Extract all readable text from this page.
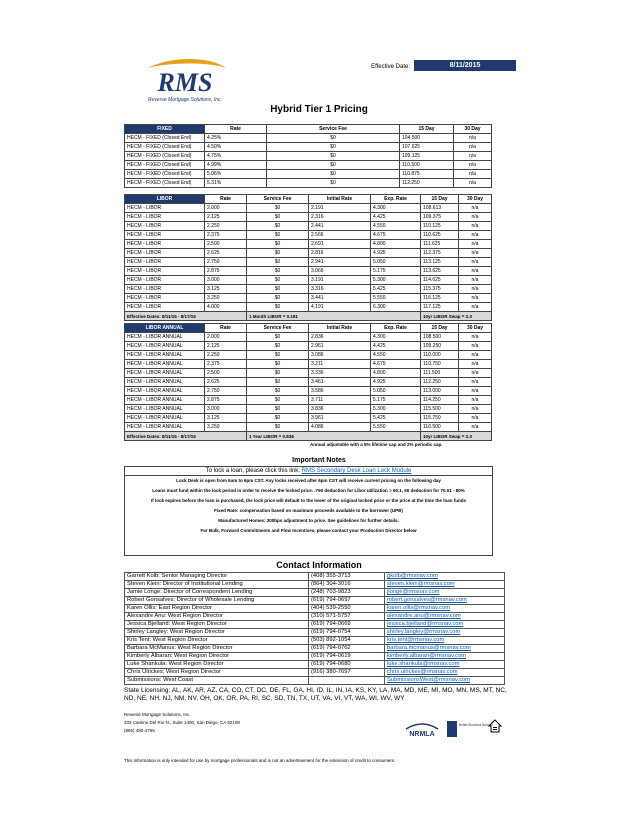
Effective Date:	8/11/2015
RMS
Reverse Mortgage Solutions, Inc.
Hybrid Tier 1 Pricing
FIXED	Rate	Service Fee	15 Day	30 Day
HECM - FIXED (Closed End)	4.25%	$0	104.500	n/a
HECM - FIXED (Closed End)	4.50%	$0	107.625	n/a
HECM - FIXED (Closed End)	4.75%	$0	109.125	n/a
HECM - FIXED (Closed End)	4.99%	$0	110.500	n/a
HECM - FIXED (Closed End)	5.06%	$0	110.875	n/a
HECM - FIXED (Closed End)	5.31%	$0	112.250	n/a
LIBOR	Rate	Service Fee	Initial Rate	Exp. Rate	15 Day	30 Day
HECM - LIBOR	2.000	$0	2.191	4.300	108.613	n/a
HECM - LIBOR	2.125	$0	2.316	4.425	109.375	n/a
HECM - LIBOR	2.250	$0	2.441	4.550	110.125	n/a
HECM - LIBOR	2.375	$0	2.566	4.675	110.625	n/a
HECM - LIBOR	2.500	$0	2.691	4.800	111.625	n/a
HECM - LIBOR	2.625	$0	2.816	4.925	112.375	n/a
HECM - LIBOR	2.750	$0	2.941	5.050	113.125	n/a
HECM - LIBOR	2.875	$0	3.066	5.175	113.625	n/a
HECM - LIBOR	3.000	$0	3.191	5.300	114.625	n/a
HECM - LIBOR	3.125	$0	3.316	5.425	115.375	n/a
HECM - LIBOR	3.250	$0	3.441	5.550	116.125	n/a
HECM - LIBOR	4.000	$0	4.191	6.300	117.125	n/a
Effective Dates: 8/11/15 - 8/17/15		1 Month LIBOR = 0.191			10yr LIBOR Swap = 2.3	
LIBOR ANNUAL	Rate	Service Fee	Initial Rate	Exp. Rate	15 Day	30 Day
HECM - LIBOR ANNUAL	2.000	$0	2.836	4.300	108.500	n/a
HECM - LIBOR ANNUAL	2.125	$0	2.961	4.425	109.250	n/a
HECM - LIBOR ANNUAL	2.250	$0	3.086	4.550	110.000	n/a
HECM - LIBOR ANNUAL	2.375	$0	3.211	4.675	110.750	n/a
HECM - LIBOR ANNUAL	2.500	$0	3.336	4.800	111.500	n/a
HECM - LIBOR ANNUAL	2.625	$0	3.461	4.925	112.250	n/a
HECM - LIBOR ANNUAL	2.750	$0	3.586	5.050	113.000	n/a
HECM - LIBOR ANNUAL	2.875	$0	3.711	5.175	114.250	n/a
HECM - LIBOR ANNUAL	3.000	$0	3.836	5.300	115.500	n/a
HECM - LIBOR ANNUAL	3.125	$0	3.961	5.425	115.750	n/a
HECM - LIBOR ANNUAL	3.250	$0	4.086	5.550	116.500	n/a
Effective Dates: 8/11/15 - 8/17/15		1 Year LIBOR = 0.836			10yr LIBOR Swap = 2.3	
Annual adjustable with a 5% lifetime cap and 2% periodic cap.
Important Notes
To lock a loan, please click this link: RMS Secondary Desk Loan Lock Module

Lock Desk is open from 6am to 6pm CST. Any locks received after 6pm CST will receive current pricing on the following day

Loans must fund within the lock period in order to receive the locked price. .750 deduction for Libor utilization > 60.1, 50 deduction for 70.01 - 80%

If lock expires before the loan is purchased, the lock price will default to the lower of the original locked price or the price at the time the loan funds

Fixed Rate: compensation based on maximum proceeds available to the borrower (UPB)

Manufactured Homes: 300bps adjustment to price. See guidelines for further details.

For Bulk, Forward Commitments and Flow Incentives, please contact your Production Director below

Contact Information
Garrett Kolb: Senior Managing Director	(408) 355-3713	gkolb@rmsnav.com
Steven Klein: Director of Institutional Lending	(864) 304-3016	steven.klein@rmsnav.com
Jamie Longe: Director of Correspondent Lending	(248) 703-9823	jlonge@rmsnav.com
Robert Gonsalves: Director of Wholesale Lending	(619) 794-0697	robert.gonsalves@rmsnav.com
Karen Ollis: East Region Director	(404) 539-2550	karen.ollis@rmsnav.com
Alexandre Anu: West Region Director	(310) 571-5757	alexandre.anu@rmsnav.com
Jessica Bjelland: West Region Director	(619) 794-0669	jessica.bjelland@rmsnav.com
Shirley Langley: West Region Director	(619) 794-0754	shirley.langley@rmsnav.com
Kris Tent: West Region Director	(503) 892-1054	kris.tent@rmsnav.com
Barbara McManus: West Region Director	(619) 794-0762	barbara.mcmanus@rmsnav.com
Kimberly Albaran: West Region Director	(619) 794-0619	kimberly.albaran@rmsnav.com
Luke Shankula: West Region Director	(619) 794-0680	luke.shankula@rmsnav.com
Chris Ulrickes: West Region Director	(916) 380-7697	chris.ulrickes@rmsnav.com
Submissions: West Coast		SubmissionsWest@rmsnav.com
State Licensing: AL, AK, AR, AZ, CA, CO, CT, DC, DE, FL, GA, HI, ID, IL, IN, IA, KS, KY, LA, MA, MD, ME, MI, MO, MN, MS, MT, NC, ND, NE, NH, NJ, NM, NV, OH, OK, OR, PA, RI, SC, SD, TN, TX, UT, VA, VI, VT, WA, WI, WV, WY
Reverse Mortgage Solutions, Inc.
333 Camino Del Rio N., Suite 1400, San Diego, CA 92108
(866) 490-4755
NRMLA
Better Business Bureau
This information is only intended for use by mortgage professionals and is not an advertisement for the extension of credit to consumers.
